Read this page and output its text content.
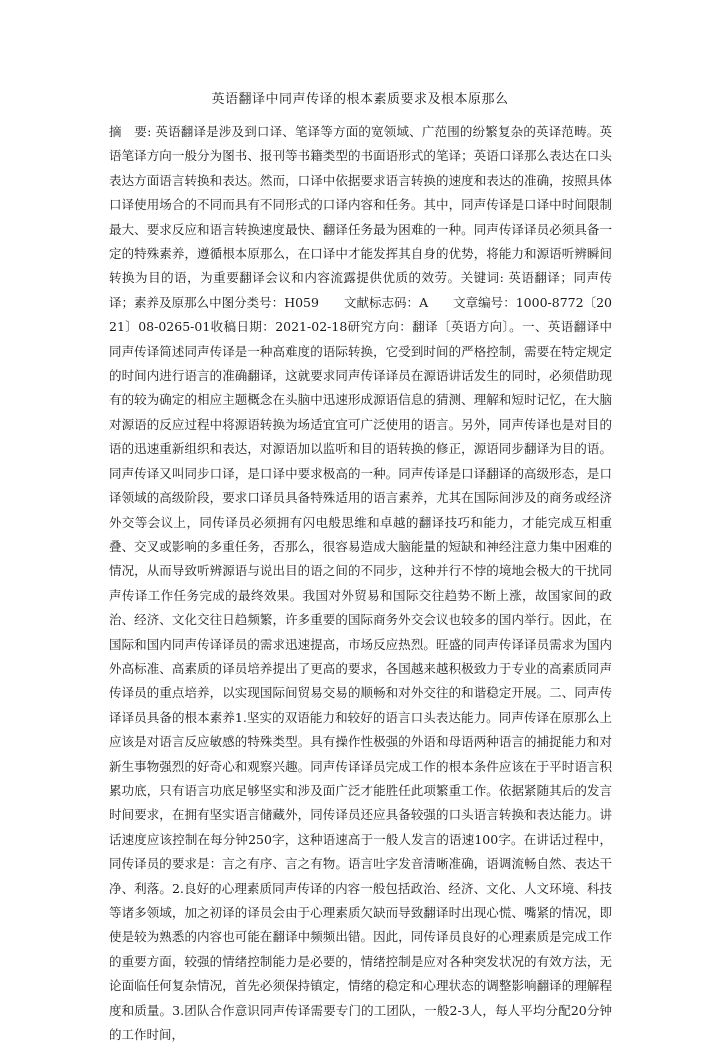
英语翻译中同声传译的根本素质要求及根本原那么

摘　要: 英语翻译是涉及到口译、笔译等方面的宽领域、广范围的纷繁复杂的英译范畴。英语笔译方向一般分为图书、报刊等书籍类型的书面语形式的笔译；英语口译那么表达在口头表达方面语言转换和表达。然而，口译中依据要求语言转换的速度和表达的准确，按照具体口译使用场合的不同而具有不同形式的口译内容和任务。其中，同声传译是口译中时间限制最大、要求反应和语言转换速度最快、翻译任务最为困难的一种。同声传译译员必须具备一定的特殊素养，遵循根本原那么，在口译中才能发挥其自身的优势，将能力和源语听辨瞬间转换为目的语，为重要翻译会议和内容流露提供优质的效劳。关键词: 英语翻译；同声传译；素养及原那么中图分类号：H059　　文献标志码：A　　文章编号：1000-8772〔2021〕08-0265-01收稿日期：2021-02-18研究方向：翻译〔英语方向〕。一、英语翻译中同声传译简述同声传译是一种高难度的语际转换，它受到时间的严格控制，需要在特定规定的时间内进行语言的准确翻译，这就要求同声传译译员在源语讲话发生的同时，必须借助现有的较为确定的相应主题概念在头脑中迅速形成源语信息的猜测、理解和短时记忆，在大脑对源语的反应过程中将源语转换为场适宜宜可广泛使用的语言。另外，同声传译也是对目的语的迅速重新组织和表达，对源语加以监听和目的语转换的修正，源语同步翻译为目的语。同声传译又叫同步口译，是口译中要求极高的一种。同声传译是口译翻译的高级形态，是口译领域的高级阶段，要求口译员具备特殊适用的语言素养，尤其在国际间涉及的商务或经济外交等会议上，同传译员必须拥有闪电般思维和卓越的翻译技巧和能力，才能完成互相重叠、交叉或影响的多重任务，否那么，很容易造成大脑能量的短缺和神经注意力集中困难的情况，从而导致听辨源语与说出目的语之间的不同步，这种并行不悖的境地会极大的干扰同声传译工作任务完成的最终效果。我国对外贸易和国际交往趋势不断上涨，故国家间的政治、经济、文化交往日趋频繁，许多重要的国际商务外交会议也较多的国内举行。因此，在国际和国内同声传译译员的需求迅速提高，市场反应热烈。旺盛的同声传译译员需求为国内外高标准、高素质的译员培养提出了更高的要求，各国越来越积极致力于专业的高素质同声传译员的重点培养，以实现国际间贸易交易的顺畅和对外交往的和谐稳定开展。二、同声传译译员具备的根本素养1.坚实的双语能力和较好的语言口头表达能力。同声传译在原那么上应该是对语言反应敏感的特殊类型。具有操作性极强的外语和母语两种语言的捕捉能力和对新生事物强烈的好奇心和观察兴趣。同声传译译员完成工作的根本条件应该在于平时语言积累功底，只有语言功底足够坚实和涉及面广泛才能胜任此项繁重工作。依据紧随其后的发言时间要求，在拥有坚实语言储藏外，同传译员还应具备较强的口头语言转换和表达能力。讲话速度应该控制在每分钟250字，这种语速高于一般人发言的语速100字。在讲话过程中，同传译员的要求是：言之有序、言之有物。语言吐字发音清晰准确，语调流畅自然、表达干净、利落。2.良好的心理素质同声传译的内容一般包括政治、经济、文化、人文环境、科技等诸多领域，加之初译的译员会由于心理素质欠缺而导致翻译时出现心慌、嘴紧的情况，即使是较为熟悉的内容也可能在翻译中频频出错。因此，同传译员良好的心理素质是完成工作的重要方面，较强的情绪控制能力是必要的，情绪控制是应对各种突发状况的有效方法，无论面临任何复杂情况，首先必须保持镇定，情绪的稳定和心理状态的调整影响翻译的理解程度和质量。3.团队合作意识同声传译需要专门的工团队，一般2-3人，每人平均分配20分钟的工作时间，
